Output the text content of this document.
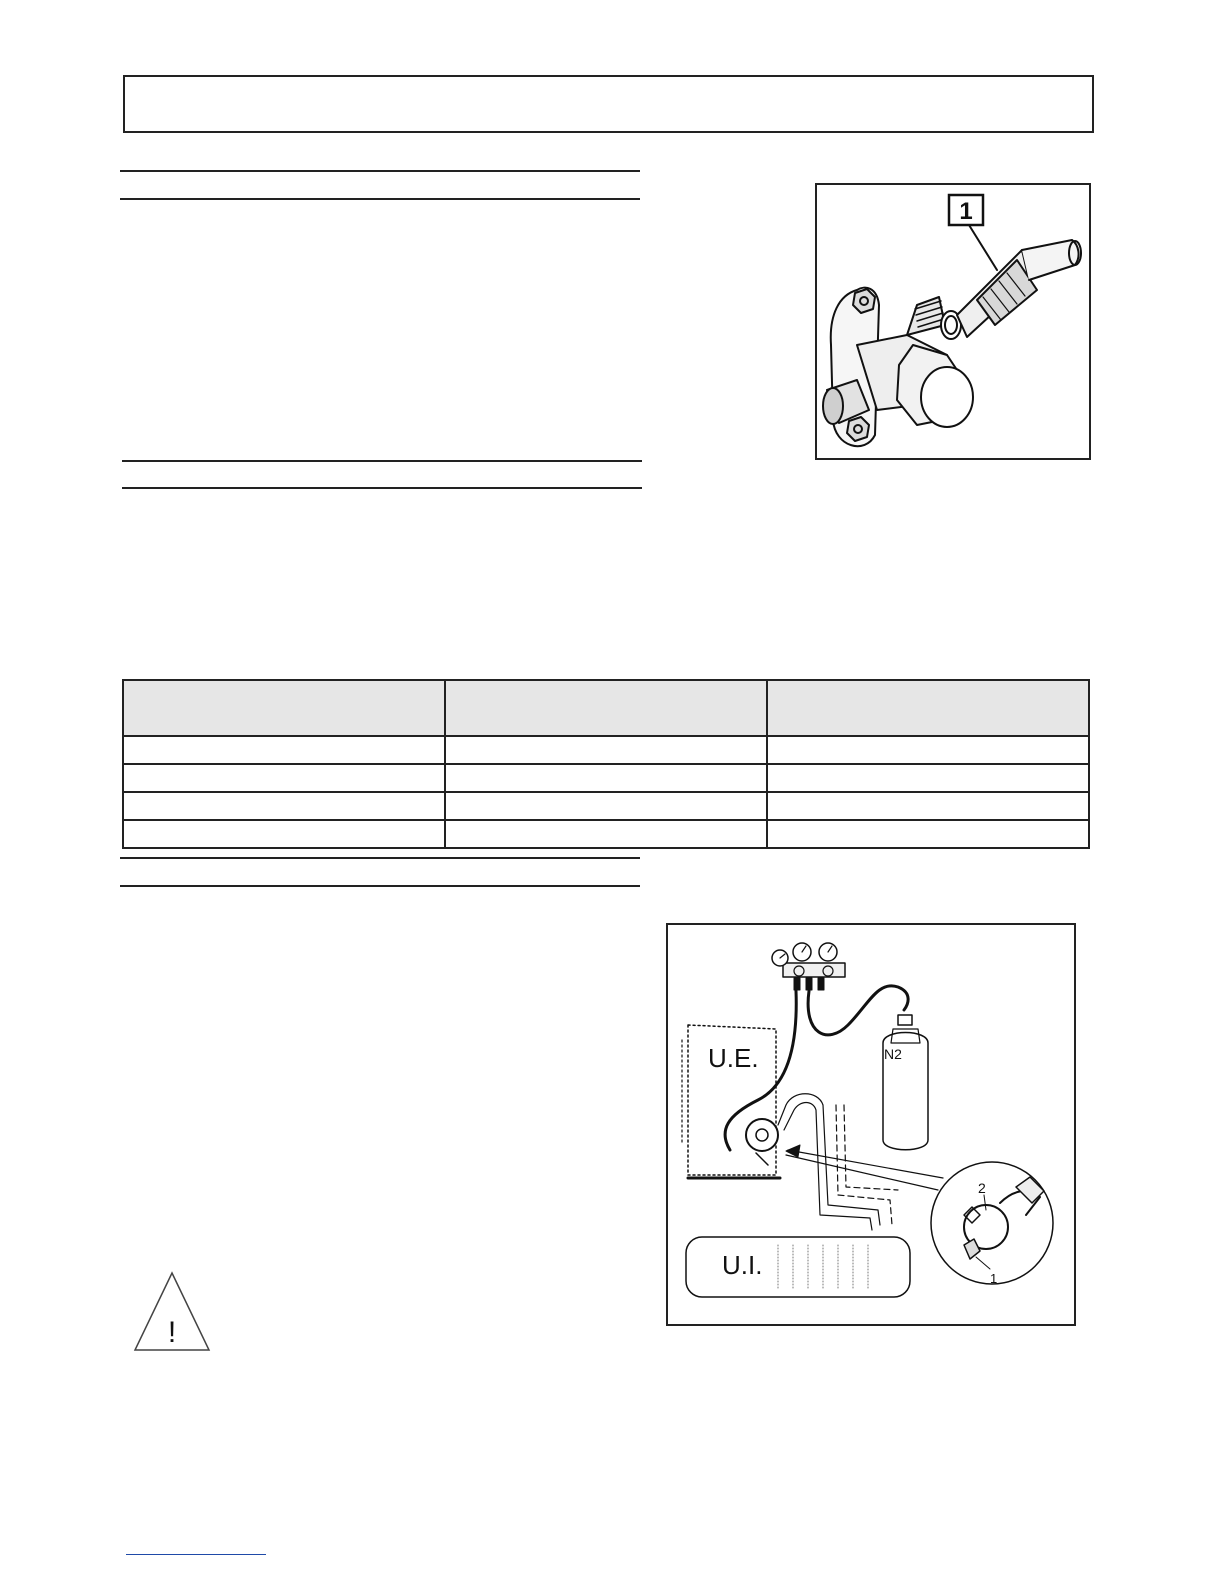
1

U.E.
U.I.
N2
2
1
!
